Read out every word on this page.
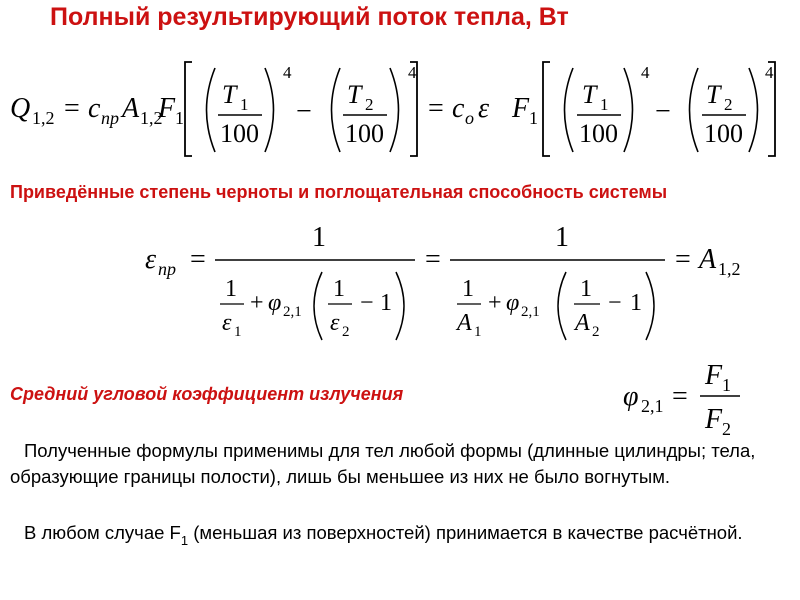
Полный результирующий поток тепла, Вт
Q 1,2 = c пр A 1,2
F 1
T 1
100
4
−
T 2
100
4
= c o ε F 1
T 1
100
4
−
T 2
100
4
Приведённые степень черноты и поглощательная способность системы
ε пр =
1
1
ε 1
+ φ 2,1
1
ε 2
− 1
=
1
1
A 1
+ φ 2,1
1
A 2
− 1
= A 1,2
Средний угловой коэффициент излучения	φ 2,1 =
F 1
F 2
Полученные формулы применимы для тел любой формы (длинные цилиндры; тела, образующие границы полости), лишь бы меньшее из них не было вогнутым.
В любом случае $F_1$ (меньшая из поверхностей) принимается в качестве расчётной.
